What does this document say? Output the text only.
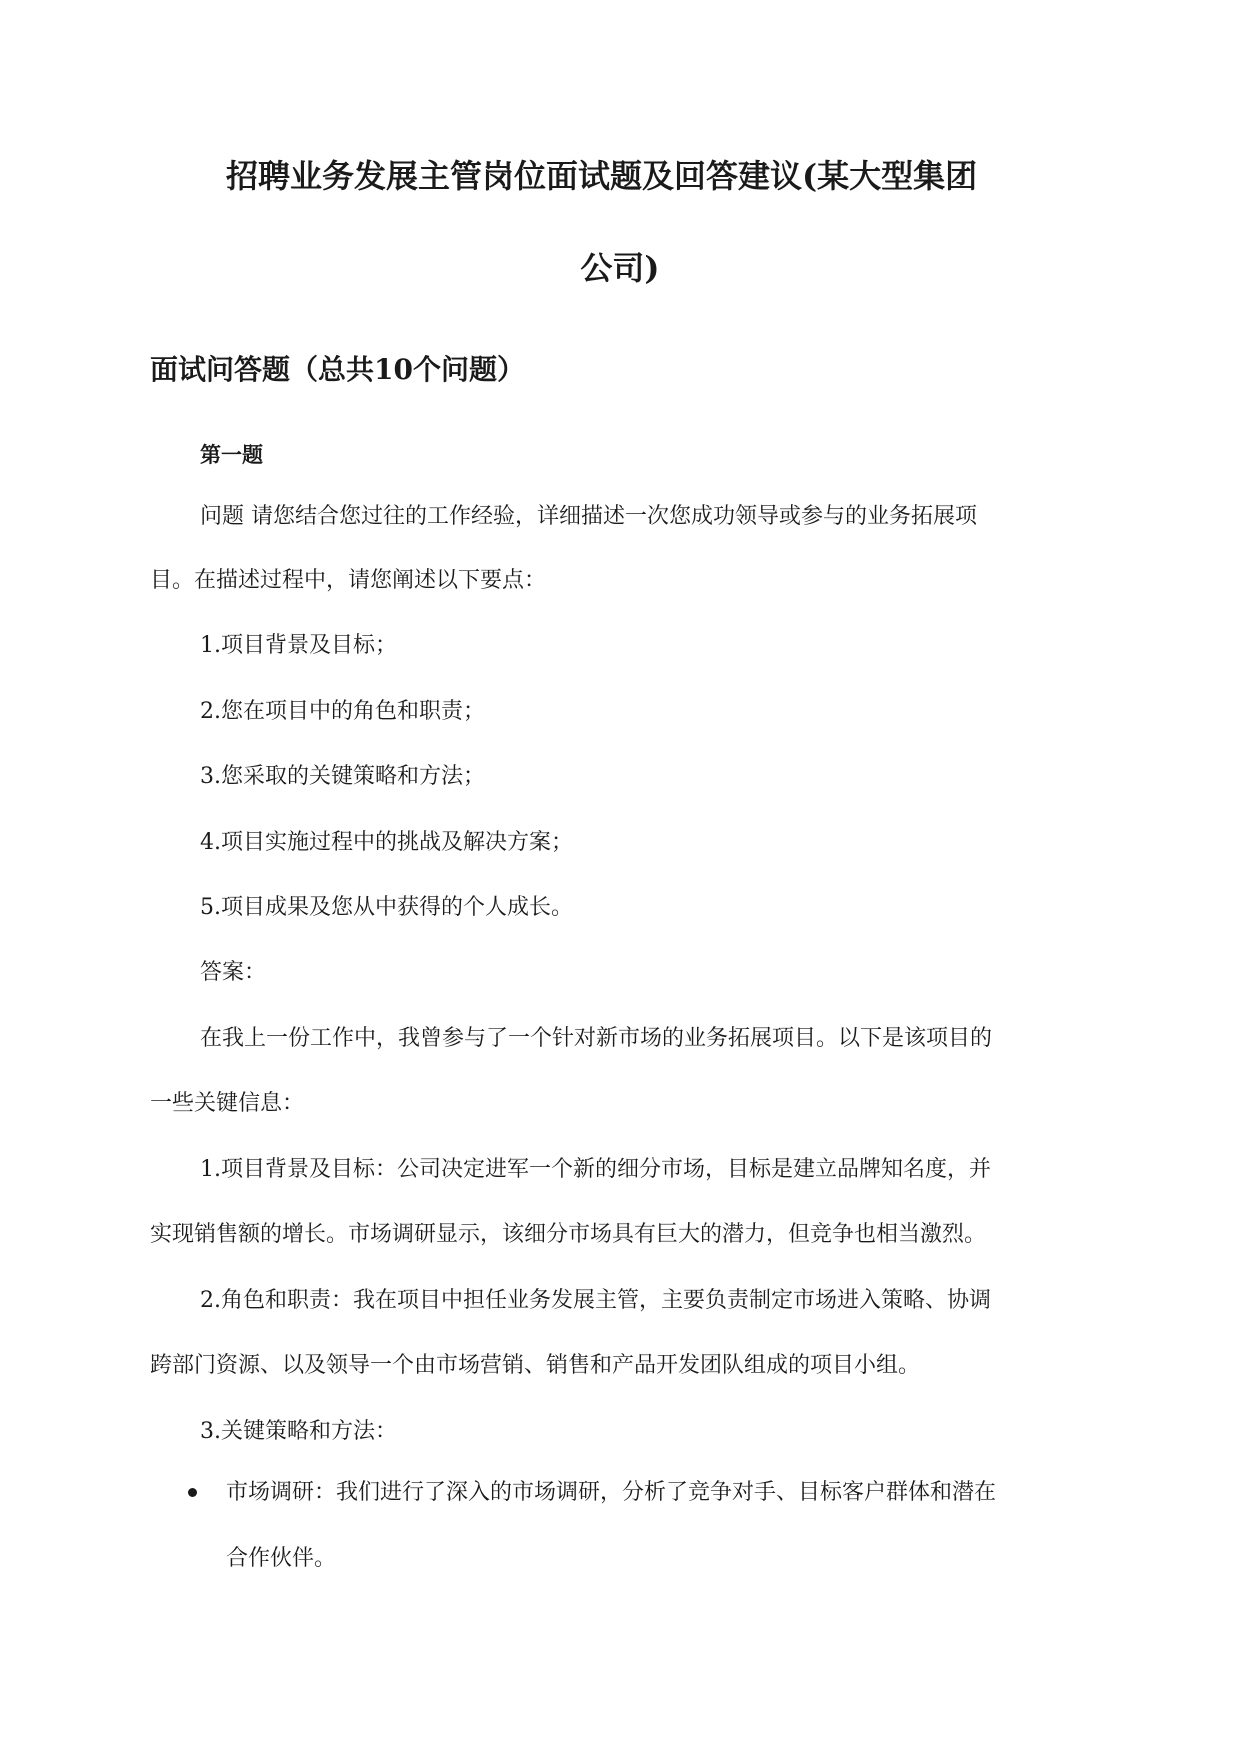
招聘业务发展主管岗位面试题及回答建议(某大型集团
公司)
面试问答题（总共10个问题）
第一题

问题 请您结合您过往的工作经验，详细描述一次您成功领导或参与的业务拓展项

目。在描述过程中，请您阐述以下要点：

1.项目背景及目标；

2.您在项目中的角色和职责；

3.您采取的关键策略和方法；

4.项目实施过程中的挑战及解决方案；

5.项目成果及您从中获得的个人成长。

答案：

在我上一份工作中，我曾参与了一个针对新市场的业务拓展项目。以下是该项目的

一些关键信息：

1.项目背景及目标：公司决定进军一个新的细分市场，目标是建立品牌知名度，并

实现销售额的增长。市场调研显示，该细分市场具有巨大的潜力，但竞争也相当激烈。

2.角色和职责：我在项目中担任业务发展主管，主要负责制定市场进入策略、协调

跨部门资源、以及领导一个由市场营销、销售和产品开发团队组成的项目小组。

3.关键策略和方法：

市场调研：我们进行了深入的市场调研，分析了竞争对手、目标客户群体和潜在

合作伙伴。
